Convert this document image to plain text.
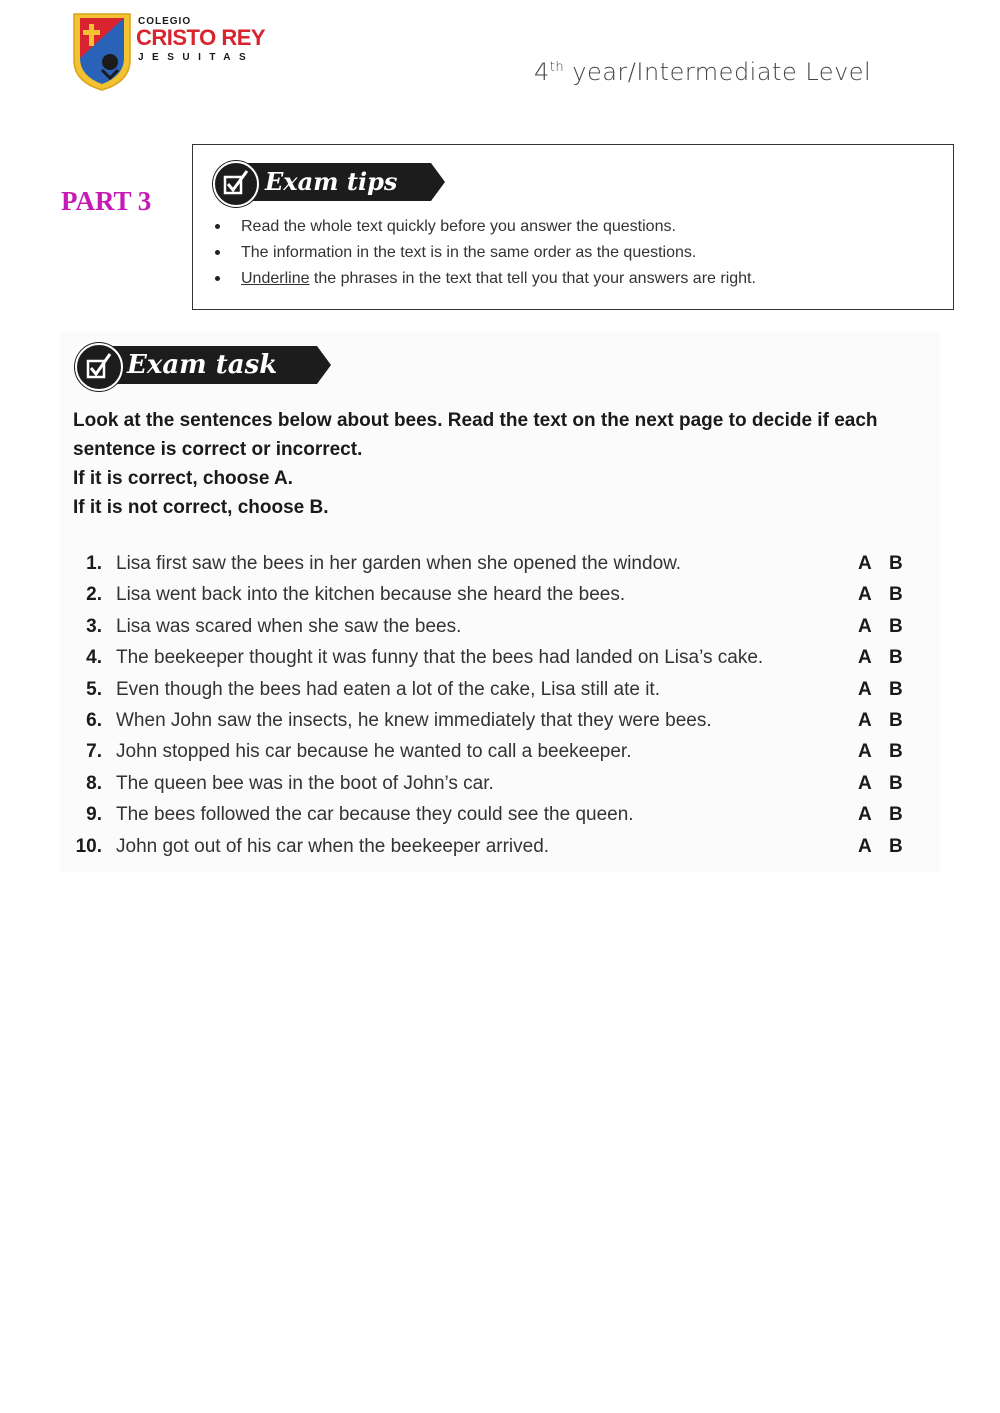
COLEGIO
CRISTO REY
JESUITAS
4th year/Intermediate Level
PART 3
Exam tips
Read the whole text quickly before you answer the questions.
The information in the text is in the same order as the questions.
Underline the phrases in the text that tell you that your answers are right.
Exam task
Look at the sentences below about bees. Read the text on the next page to decide if each
sentence is correct or incorrect.
If it is correct, choose A.
If it is not correct, choose B.
1. Lisa first saw the bees in her garden when she opened the window.	A B
2. Lisa went back into the kitchen because she heard the bees.	A B
3. Lisa was scared when she saw the bees.	A B
4. The beekeeper thought it was funny that the bees had landed on Lisa’s cake.	A B
5. Even though the bees had eaten a lot of the cake, Lisa still ate it.	A B
6. When John saw the insects, he knew immediately that they were bees.	A B
7. John stopped his car because he wanted to call a beekeeper.	A B
8. The queen bee was in the boot of John’s car.	A B
9. The bees followed the car because they could see the queen.	A B
10. John got out of his car when the beekeeper arrived.	A B
